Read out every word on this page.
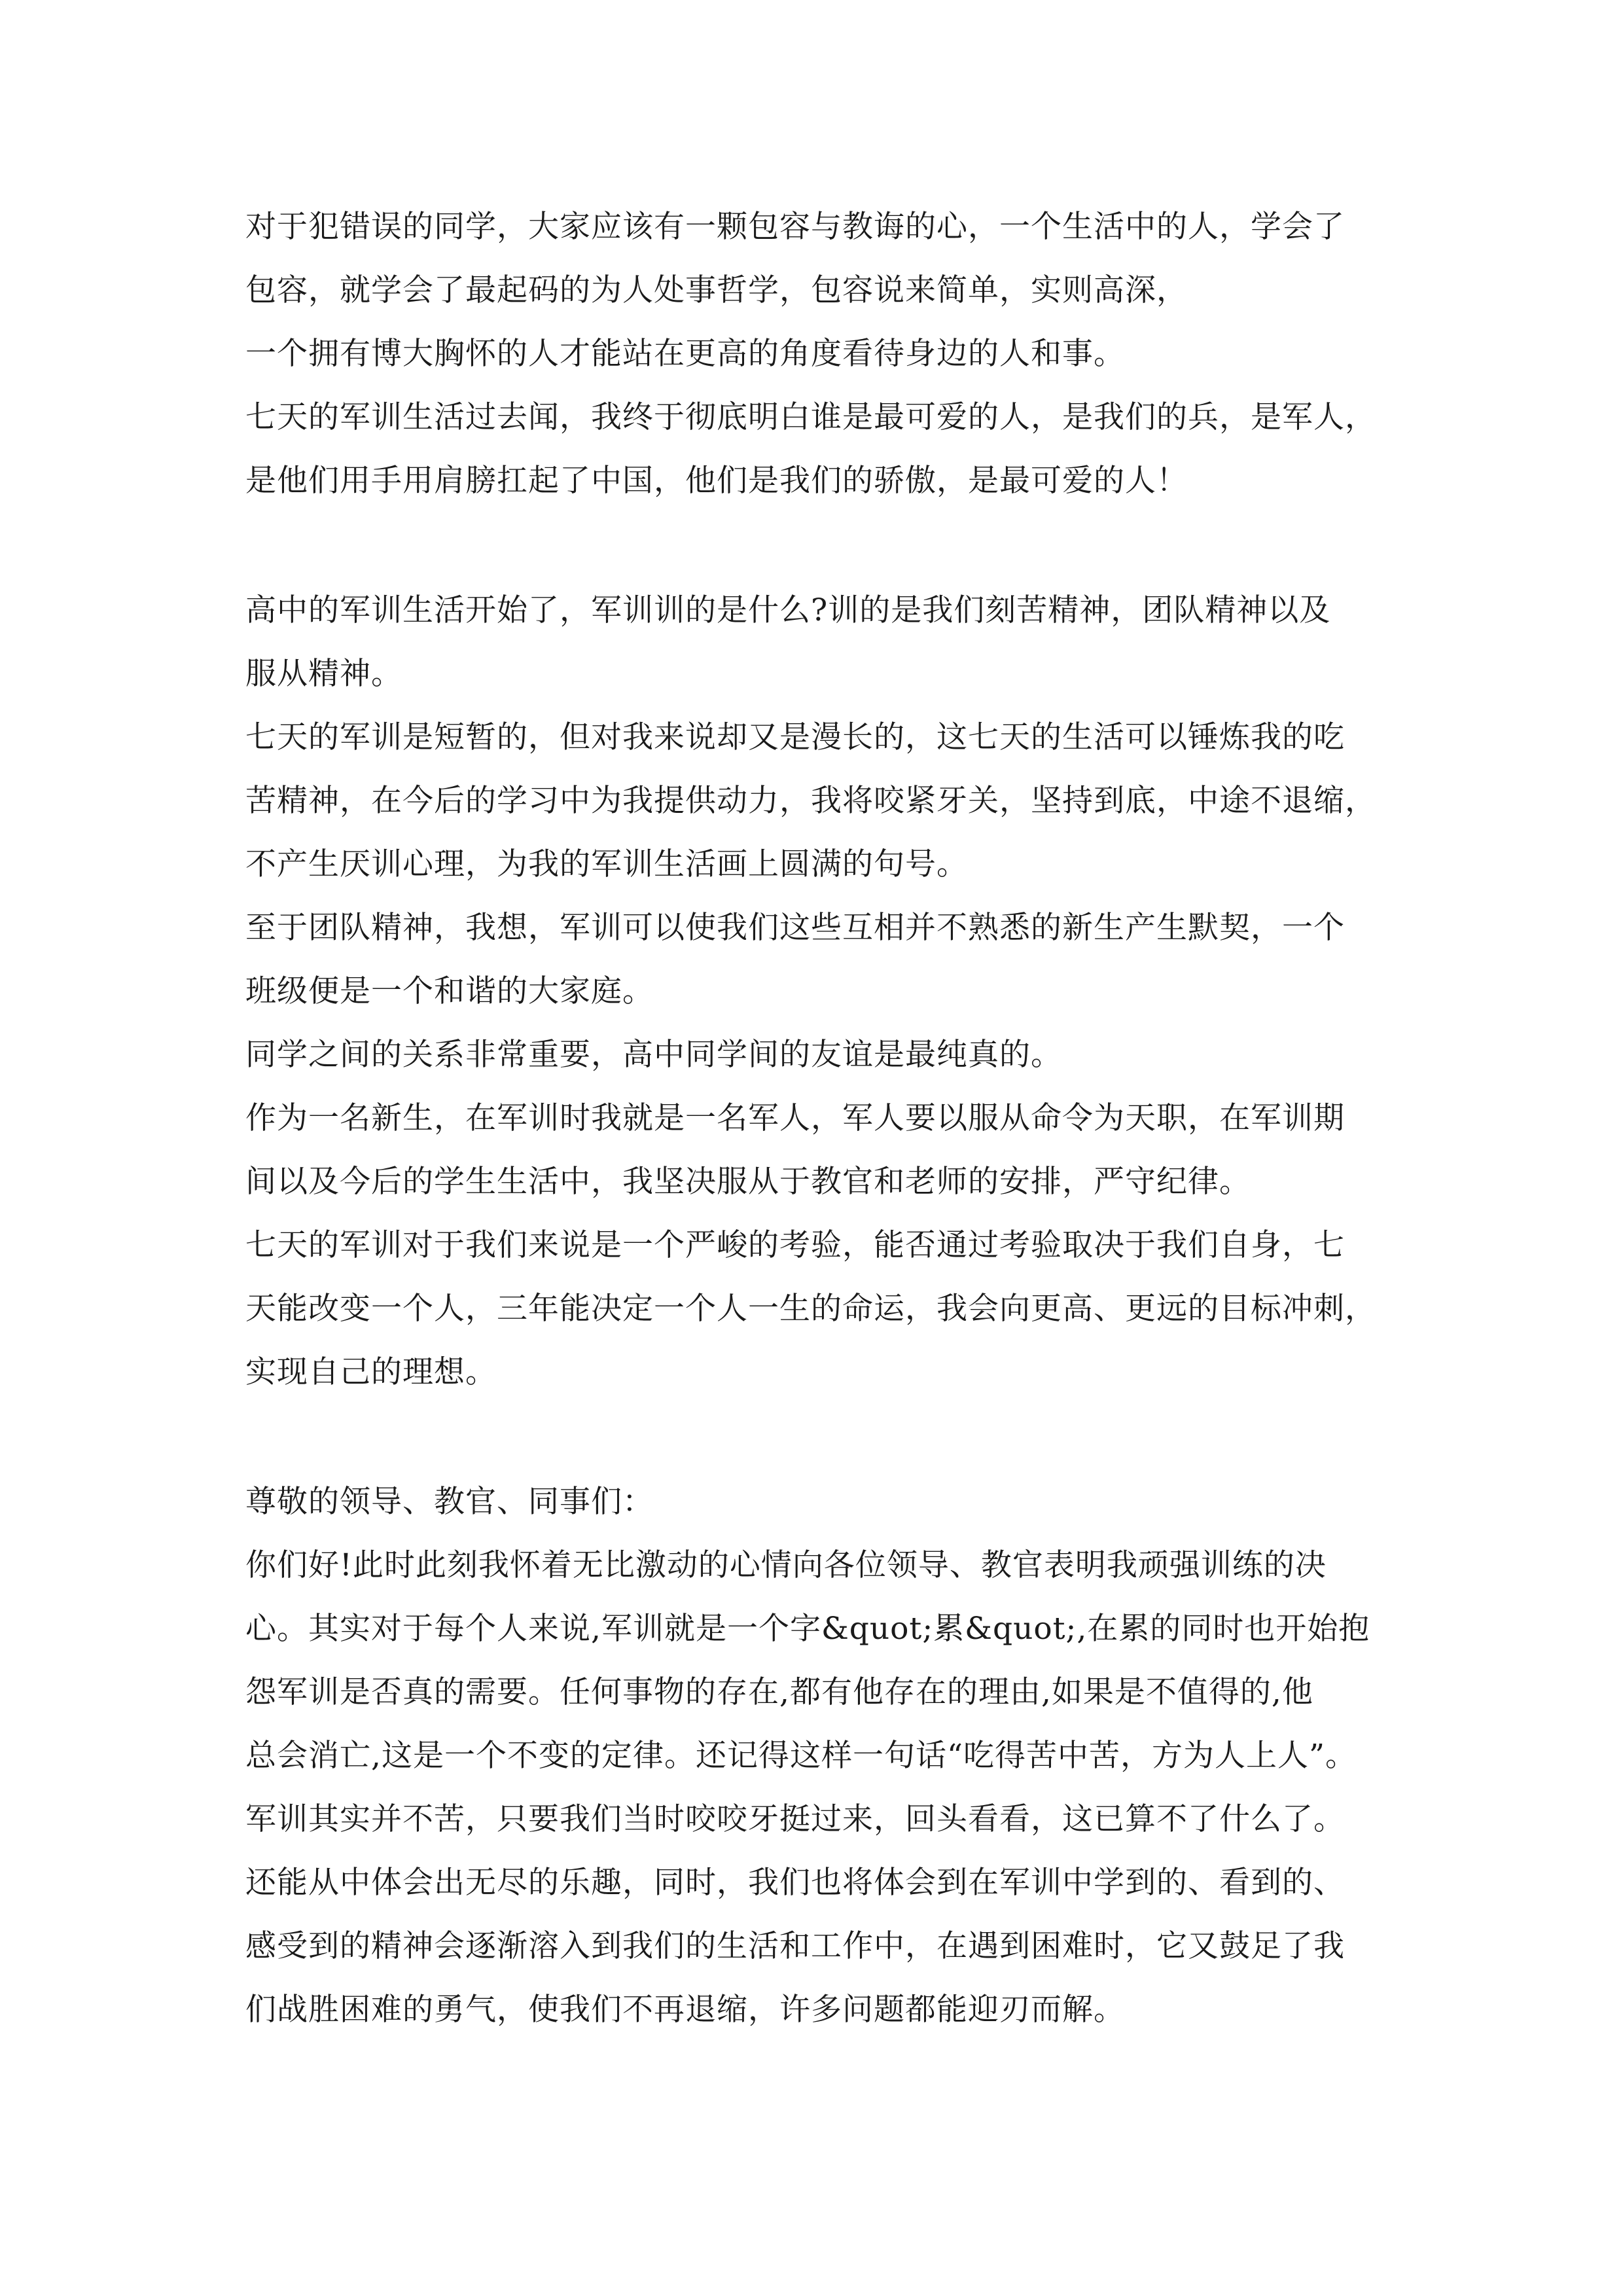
对于犯错误的同学，大家应该有一颗包容与教诲的心，一个生活中的人，学会了

包容，就学会了最起码的为人处事哲学，包容说来简单，实则高深，

一个拥有博大胸怀的人才能站在更高的角度看待身边的人和事。

七天的军训生活过去闻，我终于彻底明白谁是最可爱的人，是我们的兵，是军人，

是他们用手用肩膀扛起了中国，他们是我们的骄傲，是最可爱的人！

高中的军训生活开始了，军训训的是什么?训的是我们刻苦精神，团队精神以及

服从精神。

七天的军训是短暂的，但对我来说却又是漫长的，这七天的生活可以锤炼我的吃

苦精神，在今后的学习中为我提供动力，我将咬紧牙关，坚持到底，中途不退缩，

不产生厌训心理，为我的军训生活画上圆满的句号。

至于团队精神，我想，军训可以使我们这些互相并不熟悉的新生产生默契，一个

班级便是一个和谐的大家庭。

同学之间的关系非常重要，高中同学间的友谊是最纯真的。

作为一名新生，在军训时我就是一名军人，军人要以服从命令为天职，在军训期

间以及今后的学生生活中，我坚决服从于教官和老师的安排，严守纪律。

七天的军训对于我们来说是一个严峻的考验，能否通过考验取决于我们自身，七

天能改变一个人，三年能决定一个人一生的命运，我会向更高、更远的目标冲刺，

实现自己的理想。

尊敬的领导、教官、同事们：

你们好!此时此刻我怀着无比激动的心情向各位领导、教官表明我顽强训练的决

心。其实对于每个人来说,军训就是一个字&quot;累&quot;,在累的同时也开始抱

怨军训是否真的需要。任何事物的存在,都有他存在的理由,如果是不值得的,他

总会消亡,这是一个不变的定律。还记得这样一句话“吃得苦中苦，方为人上人”。

军训其实并不苦，只要我们当时咬咬牙挺过来，回头看看，这已算不了什么了。

还能从中体会出无尽的乐趣，同时，我们也将体会到在军训中学到的、看到的、

感受到的精神会逐渐溶入到我们的生活和工作中，在遇到困难时，它又鼓足了我

们战胜困难的勇气，使我们不再退缩，许多问题都能迎刃而解。
